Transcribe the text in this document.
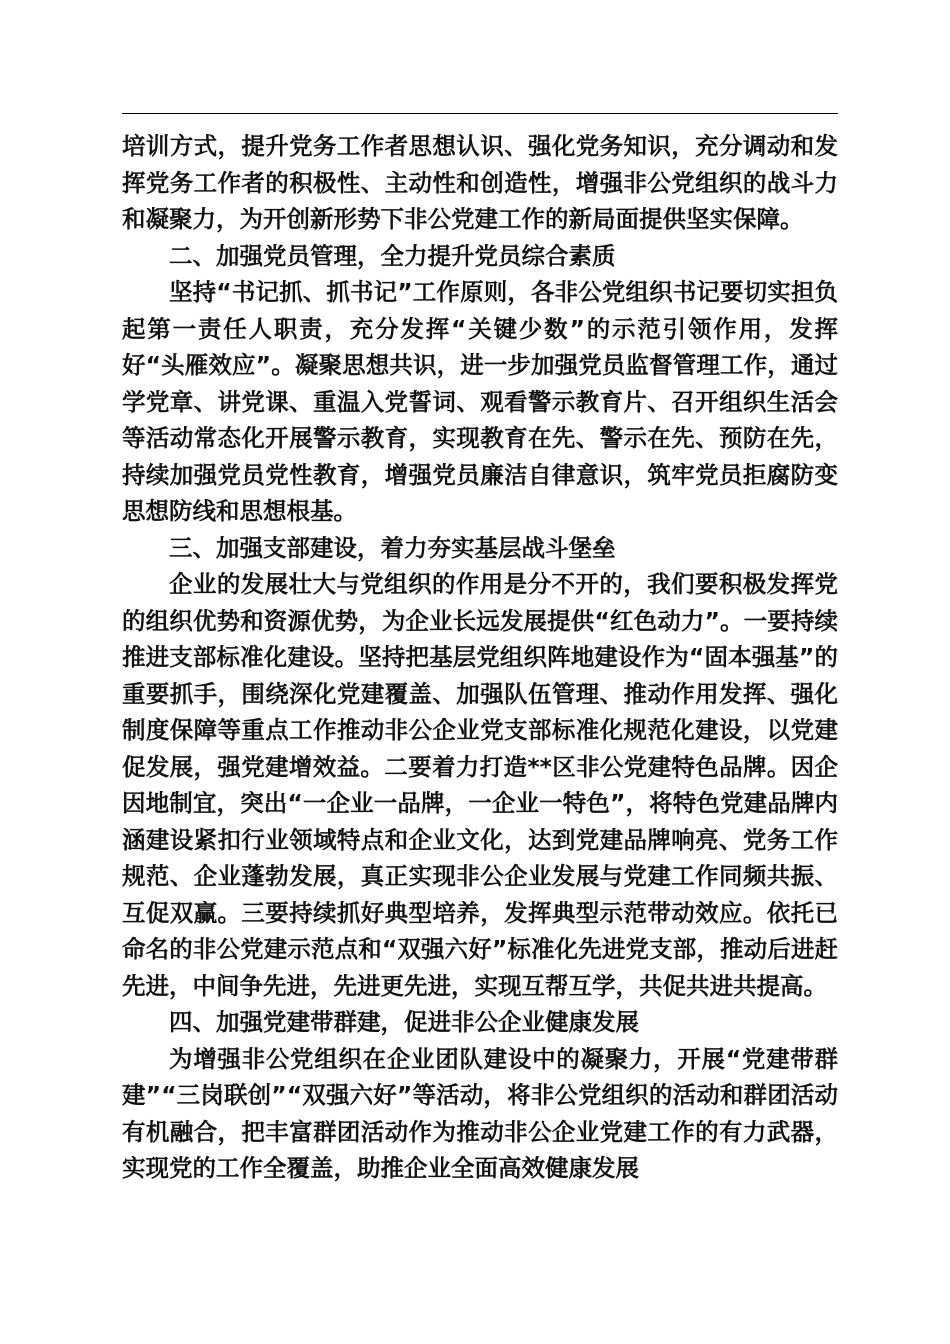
培训方式，提升党务工作者思想认识、强化党务知识，充分调动和发挥党务工作者的积极性、主动性和创造性，增强非公党组织的战斗力和凝聚力，为开创新形势下非公党建工作的新局面提供坚实保障。

二、加强党员管理，全力提升党员综合素质

坚持“书记抓、抓书记”工作原则，各非公党组织书记要切实担负起第一责任人职责，充分发挥“关键少数”的示范引领作用，发挥好“头雁效应”。凝聚思想共识，进一步加强党员监督管理工作，通过学党章、讲党课、重温入党誓词、观看警示教育片、召开组织生活会等活动常态化开展警示教育，实现教育在先、警示在先、预防在先，持续加强党员党性教育，增强党员廉洁自律意识，筑牢党员拒腐防变思想防线和思想根基。

三、加强支部建设，着力夯实基层战斗堡垒

企业的发展壮大与党组织的作用是分不开的，我们要积极发挥党的组织优势和资源优势，为企业长远发展提供“红色动力”。一要持续推进支部标准化建设。坚持把基层党组织阵地建设作为“固本强基”的重要抓手，围绕深化党建覆盖、加强队伍管理、推动作用发挥、强化制度保障等重点工作推动非公企业党支部标准化规范化建设，以党建促发展，强党建增效益。二要着力打造**区非公党建特色品牌。因企因地制宜，突出“一企业一品牌，一企业一特色”，将特色党建品牌内涵建设紧扣行业领域特点和企业文化，达到党建品牌响亮、党务工作规范、企业蓬勃发展，真正实现非公企业发展与党建工作同频共振、互促双赢。三要持续抓好典型培养，发挥典型示范带动效应。依托已命名的非公党建示范点和“双强六好”标准化先进党支部，推动后进赶先进，中间争先进，先进更先进，实现互帮互学，共促共进共提高。

四、加强党建带群建，促进非公企业健康发展

为增强非公党组织在企业团队建设中的凝聚力，开展“党建带群建”“三岗联创”“双强六好”等活动，将非公党组织的活动和群团活动有机融合，把丰富群团活动作为推动非公企业党建工作的有力武器，实现党的工作全覆盖，助推企业全面高效健康发展
